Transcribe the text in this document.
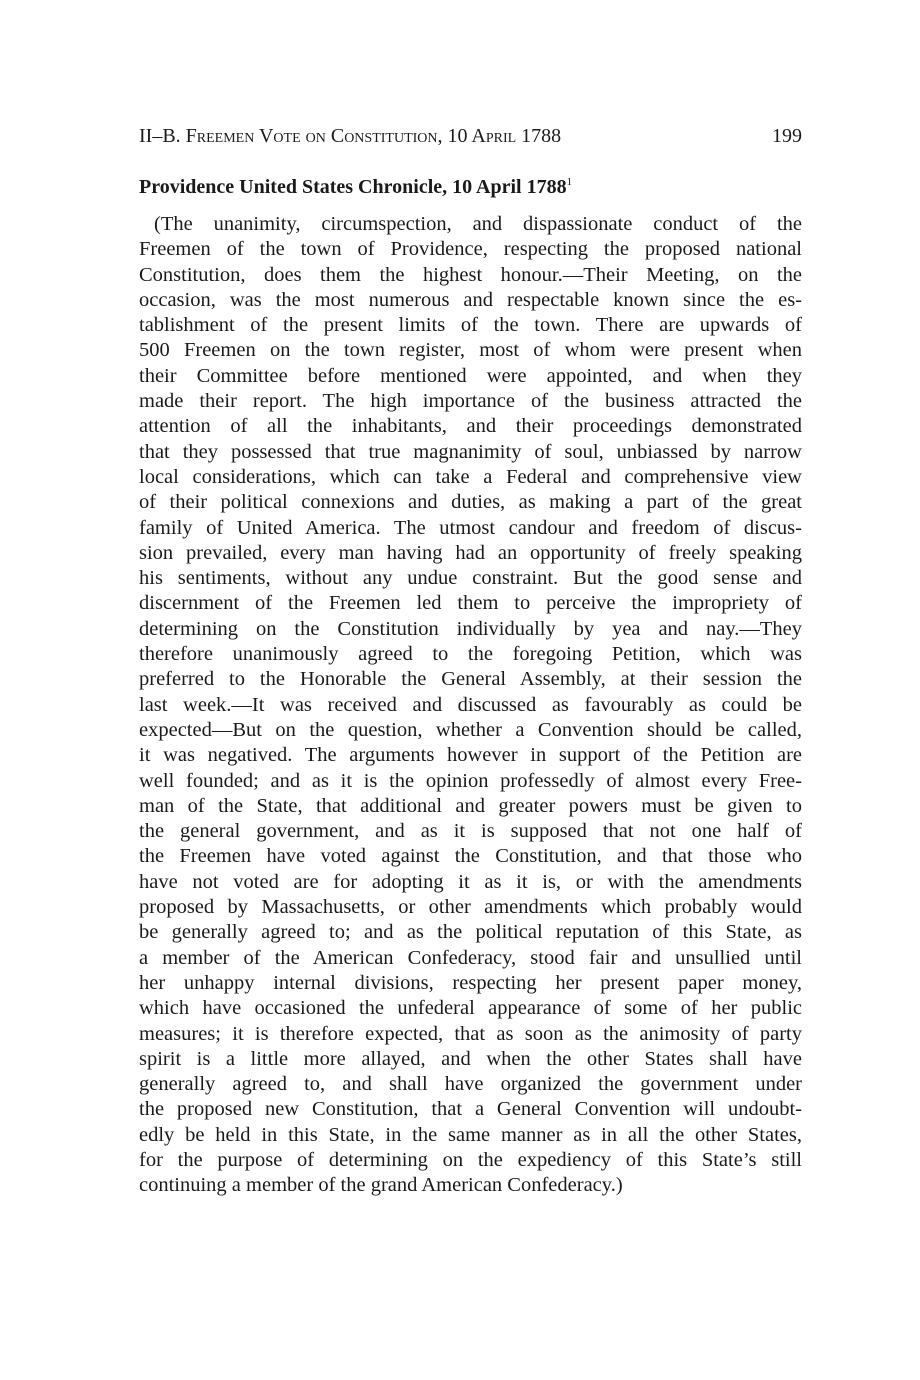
II–B. Freemen Vote on Constitution, 10 April 1788	199
Providence United States Chronicle, 10 April 1788$^1$
(The unanimity, circumspection, and dispassionate conduct of the
Freemen of the town of Providence, respecting the proposed national
Constitution, does them the highest honour.—Their Meeting, on the
occasion, was the most numerous and respectable known since the es-
tablishment of the present limits of the town. There are upwards of
500 Freemen on the town register, most of whom were present when
their Committee before mentioned were appointed, and when they
made their report. The high importance of the business attracted the
attention of all the inhabitants, and their proceedings demonstrated
that they possessed that true magnanimity of soul, unbiassed by narrow
local considerations, which can take a Federal and comprehensive view
of their political connexions and duties, as making a part of the great
family of United America. The utmost candour and freedom of discus-
sion prevailed, every man having had an opportunity of freely speaking
his sentiments, without any undue constraint. But the good sense and
discernment of the Freemen led them to perceive the impropriety of
determining on the Constitution individually by yea and nay.—They
therefore unanimously agreed to the foregoing Petition, which was
preferred to the Honorable the General Assembly, at their session the
last week.—It was received and discussed as favourably as could be
expected—But on the question, whether a Convention should be called,
it was negatived. The arguments however in support of the Petition are
well founded; and as it is the opinion professedly of almost every Free-
man of the State, that additional and greater powers must be given to
the general government, and as it is supposed that not one half of
the Freemen have voted against the Constitution, and that those who
have not voted are for adopting it as it is, or with the amendments
proposed by Massachusetts, or other amendments which probably would
be generally agreed to; and as the political reputation of this State, as
a member of the American Confederacy, stood fair and unsullied until
her unhappy internal divisions, respecting her present paper money,
which have occasioned the unfederal appearance of some of her public
measures; it is therefore expected, that as soon as the animosity of party
spirit is a little more allayed, and when the other States shall have
generally agreed to, and shall have organized the government under
the proposed new Constitution, that a General Convention will undoubt-
edly be held in this State, in the same manner as in all the other States,
for the purpose of determining on the expediency of this State’s still
continuing a member of the grand American Confederacy.)
